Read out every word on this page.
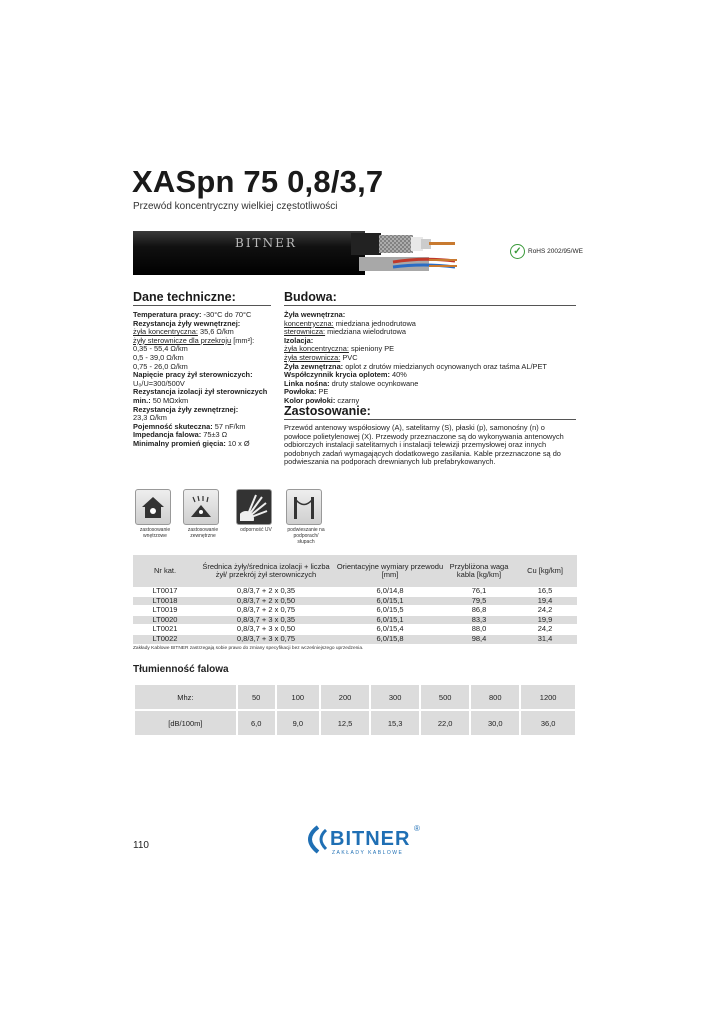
XASpn 75 0,8/3,7
Przewód koncentryczny wielkiej częstotliwości
BITNER
✓ RoHS 2002/95/WE
Dane techniczne:

Temperatura pracy: -30°C do 70°C

Rezystancja żyły wewnętrznej:

żyła koncentryczna: 35,6 Ω/km

żyły sterownicze dla przekroju [mm²]:

0,35 - 55,4 Ω/km

0,5 - 39,0 Ω/km

0,75 - 26,0 Ω/km

Napięcie pracy żył sterowniczych:

U₀/U=300/500V

Rezystancja izolacji żył sterowniczych

min.: 50 MΩxkm

Rezystancja żyły zewnętrznej:

23,3 Ω/km

Pojemność skuteczna: 57 nF/km

Impedancja falowa: 75±3 Ω

Minimalny promień gięcia: 10 x Ø

Budowa:

Żyła wewnętrzna:

koncentryczna: miedziana jednodrutowa

sterownicza: miedziana wielodrutowa

Izolacja:

żyła koncentryczna: spieniony PE

żyła sterownicza: PVC

Żyła zewnętrzna: oplot z drutów miedzianych ocynowanych oraz taśma AL/PET

Współczynnik krycia oplotem: 40%

Linka nośna: druty stalowe ocynkowane

Powłoka: PE

Kolor powłoki: czarny

Zastosowanie:
Przewód antenowy współosiowy (A), satelitarny (S), płaski (p), samonośny (n) o powłoce polietylenowej (X). Przewody przeznaczone są do wykonywania antenowych odbiorczych instalacji satelitarnych i instalacji telewizji przemysłowej oraz innych podobnych zadań wymagających dodatkowego zasilania. Kable przeznaczone są do podwieszania na podporach drewnianych lub prefabrykowanych.
zastosowanie wnętrzowe
zastosowanie zewnętrzne
odporność UV	podwieszanie na podporach/ słupach
Nr kat.	Średnica żyły/średnica izolacji + liczba żył/ przekrój żył sterowniczych	Orientacyjne wymiary przewodu [mm]	Przybliżona waga kabla [kg/km]	Cu [kg/km]
LT0017	0,8/3,7 + 2 x 0,35	6,0/14,8	76,1	16,5
LT0018	0,8/3,7 + 2 x 0,50	6,0/15,1	79,5	19,4
LT0019	0,8/3,7 + 2 x 0,75	6,0/15,5	86,8	24,2
LT0020	0,8/3,7 + 3 x 0,35	6,0/15,1	83,3	19,9
LT0021	0,8/3,7 + 3 x 0,50	6,0/15,4	88,0	24,2
LT0022	0,8/3,7 + 3 x 0,75	6,0/15,8	98,4	31,4
Zakłady Kablowe BITNER zastrzegają sobie prawo do zmiany specyfikacji bez wcześniejszego uprzedzenia.
Tłumienność falowa
Mhz:	50	100	200	300	500	800	1200
[dB/100m]	6,0	9,0	12,5	15,3	22,0	30,0	36,0
110	BITNER ®
ZAKŁADY KABLOWE
